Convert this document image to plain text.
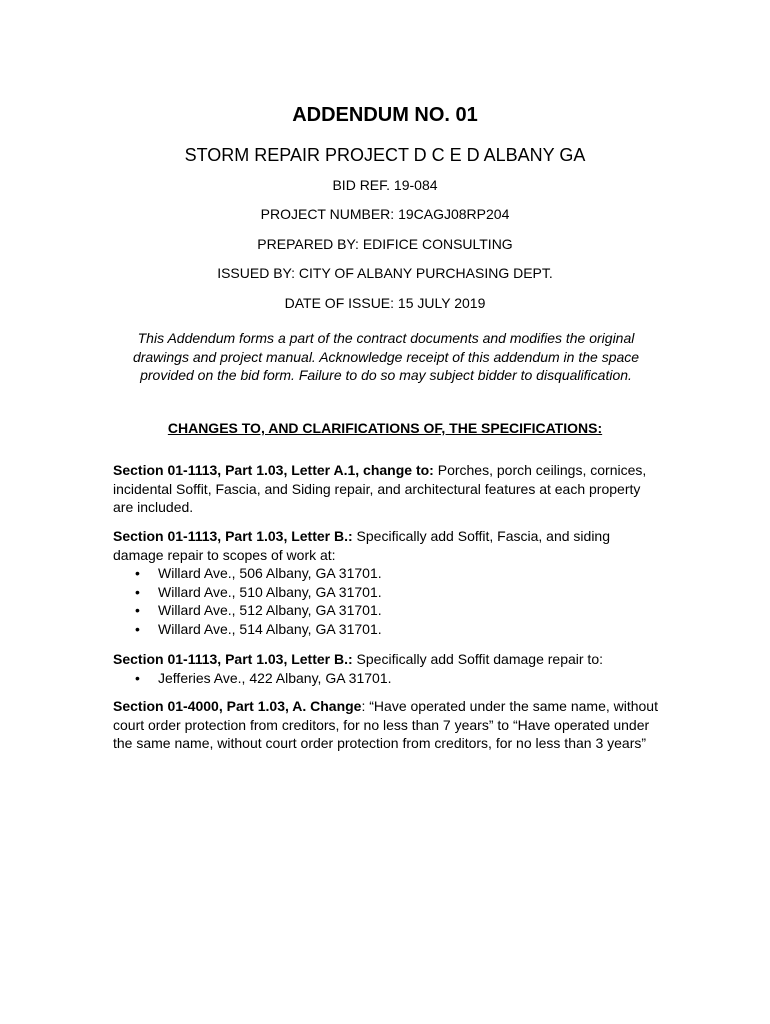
ADDENDUM NO. 01
STORM REPAIR PROJECT D C E D ALBANY GA
BID REF. 19-084
PROJECT NUMBER: 19CAGJ08RP204
PREPARED BY: EDIFICE CONSULTING
ISSUED BY: CITY OF ALBANY PURCHASING DEPT.
DATE OF ISSUE: 15 JULY 2019
This Addendum forms a part of the contract documents and modifies the original drawings and project manual. Acknowledge receipt of this addendum in the space provided on the bid form. Failure to do so may subject bidder to disqualification.
CHANGES TO, AND CLARIFICATIONS OF, THE SPECIFICATIONS:
Section 01-1113, Part 1.03, Letter A.1, change to: Porches, porch ceilings, cornices, incidental Soffit, Fascia, and Siding repair, and architectural features at each property are included.
Section 01-1113, Part 1.03, Letter B.: Specifically add Soffit, Fascia, and siding damage repair to scopes of work at:
• Willard Ave., 506 Albany, GA 31701.
• Willard Ave., 510 Albany, GA 31701.
• Willard Ave., 512 Albany, GA 31701.
• Willard Ave., 514 Albany, GA 31701.
Section 01-1113, Part 1.03, Letter B.: Specifically add Soffit damage repair to:
• Jefferies Ave., 422 Albany, GA 31701.
Section 01-4000, Part 1.03, A. Change: “Have operated under the same name, without court order protection from creditors, for no less than 7 years” to “Have operated under the same name, without court order protection from creditors, for no less than 3 years”
